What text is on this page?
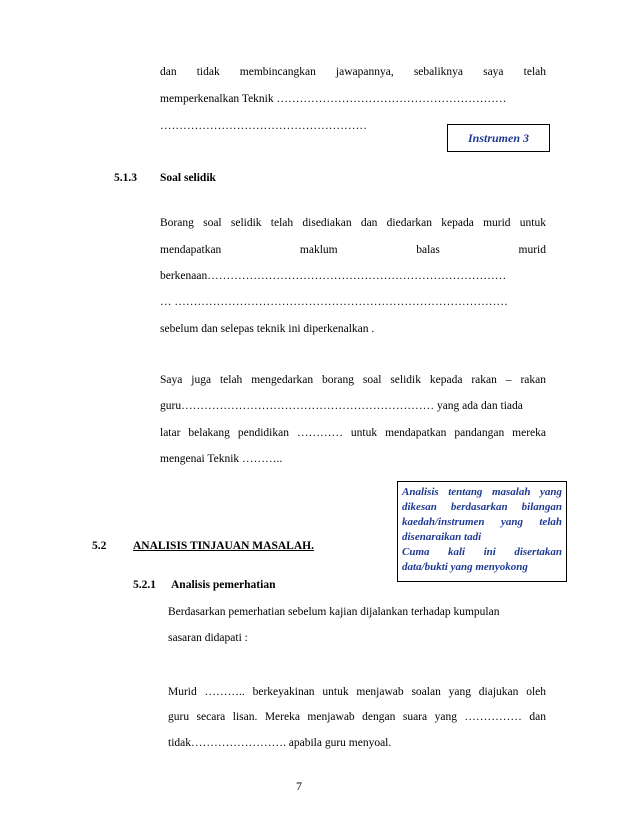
dan tidak membincangkan jawapannya, sebaliknya saya telah
memperkenalkan Teknik ……………………………………………………
………………………………………………
Instrumen 3
5.1.3 Soal selidik
Borang soal selidik telah disediakan dan diedarkan kepada murid untuk
mendapatkan maklum balas murid
berkenaan……………………………………………………………………
… ……………………………………………………………………………
sebelum dan selepas teknik ini diperkenalkan .
Saya juga telah mengedarkan borang soal selidik kepada rakan – rakan
guru………………………………………………………… yang ada dan tiada
latar belakang pendidikan ………… untuk mendapatkan pandangan mereka
mengenai Teknik ………..
Analisis tentang masalah yang
dikesan berdasarkan bilangan
kaedah/instrumen yang telah
disenaraikan tadi
Cuma kali ini disertakan
data/bukti yang menyokong
5.2 ANALISIS TINJAUAN MASALAH.
5.2.1 Analisis pemerhatian
Berdasarkan pemerhatian sebelum kajian dijalankan terhadap kumpulan
sasaran didapati :
Murid ……….. berkeyakinan untuk menjawab soalan yang diajukan oleh
guru secara lisan. Mereka menjawab dengan suara yang …………… dan
tidak……………………. apabila guru menyoal.
7
